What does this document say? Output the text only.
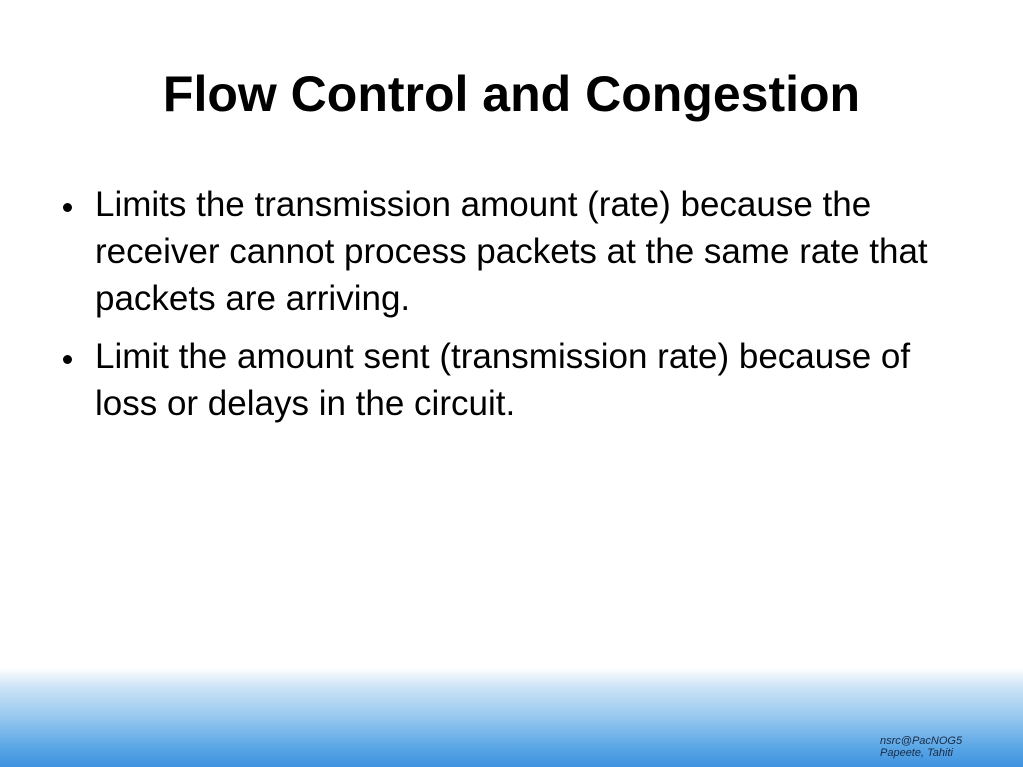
Flow Control and Congestion
Limits the transmission amount (rate) because the receiver cannot process packets at the same rate that packets are arriving.
Limit the amount sent (transmission rate) because of loss or delays in the circuit.
nsrc@PacNOG5
Papeete, Tahiti
